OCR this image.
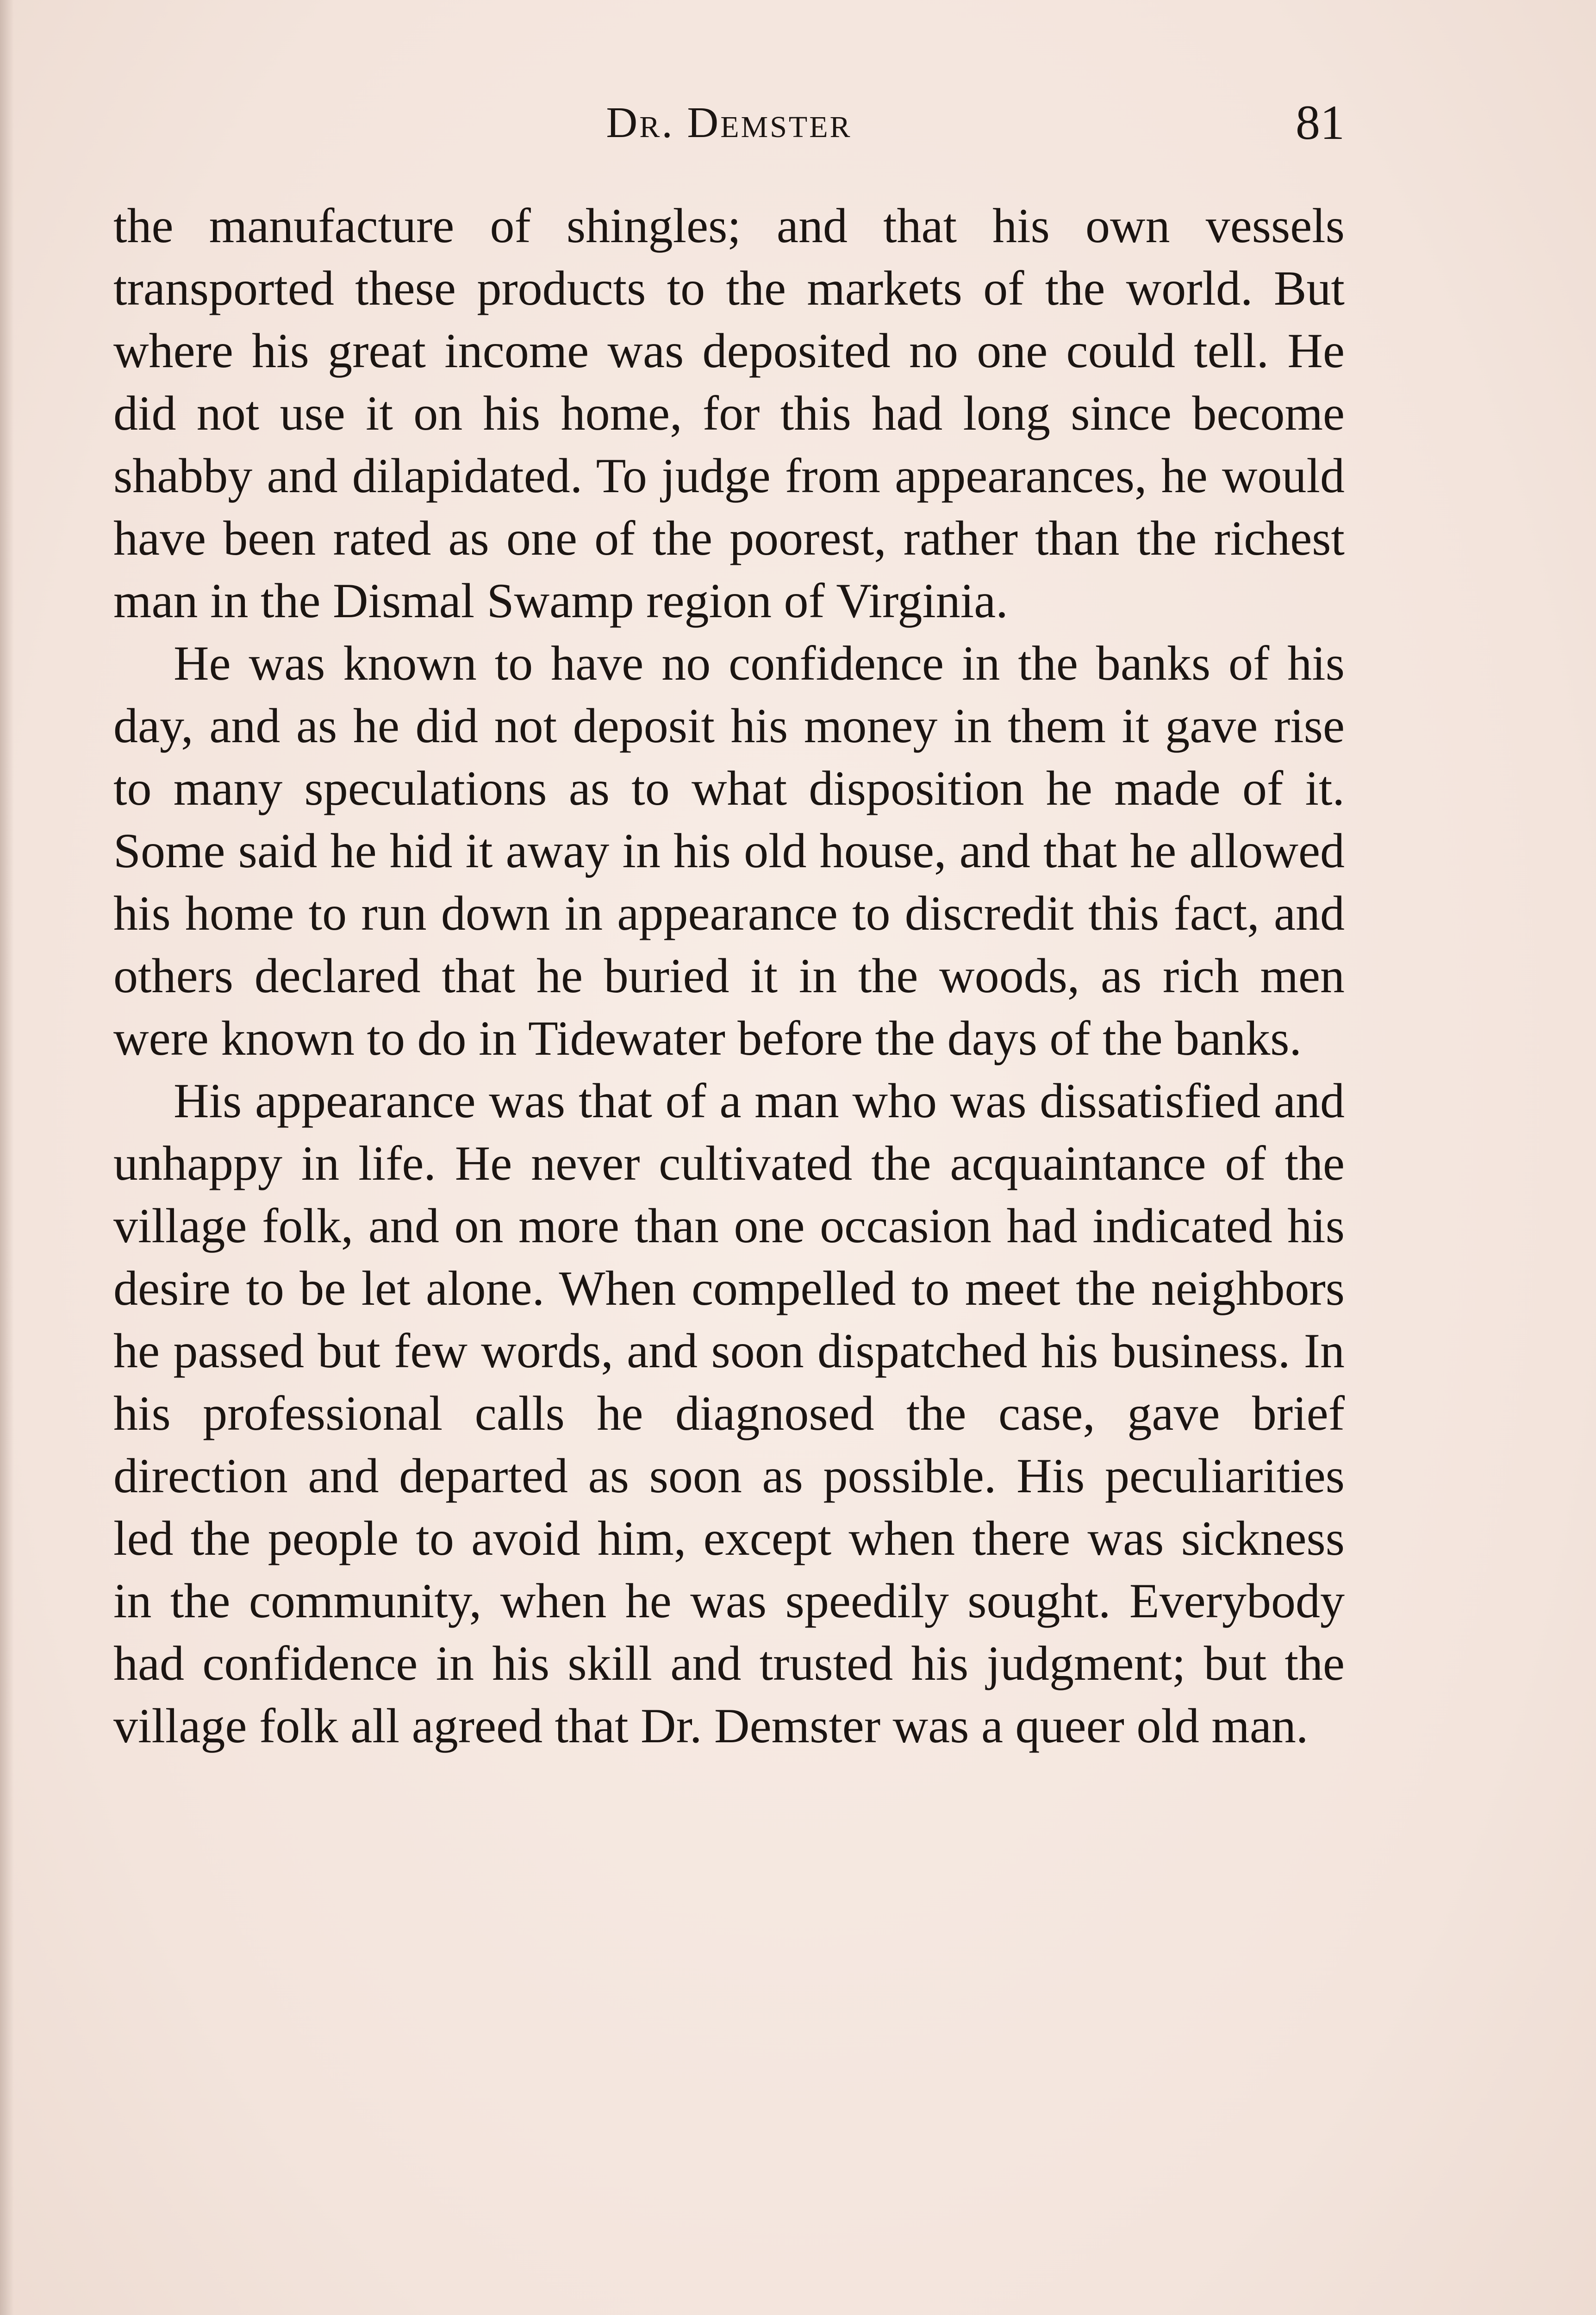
Dr. Demster	81

the manufacture of shingles; and that his own vessels transported these products to the markets of the world. But where his great income was deposited no one could tell. He did not use it on his home, for this had long since become shabby and dilapidated. To judge from appearances, he would have been rated as one of the poorest, rather than the richest man in the Dismal Swamp region of Virginia.

He was known to have no confidence in the banks of his day, and as he did not deposit his money in them it gave rise to many speculations as to what disposition he made of it. Some said he hid it away in his old house, and that he allowed his home to run down in appearance to discredit this fact, and others declared that he buried it in the woods, as rich men were known to do in Tidewater before the days of the banks.

His appearance was that of a man who was dissatisfied and unhappy in life. He never cultivated the acquaintance of the village folk, and on more than one occasion had indicated his desire to be let alone. When compelled to meet the neighbors he passed but few words, and soon dispatched his business. In his professional calls he diagnosed the case, gave brief direction and departed as soon as possible. His peculiarities led the people to avoid him, except when there was sickness in the community, when he was speedily sought. Everybody had confidence in his skill and trusted his judgment; but the village folk all agreed that Dr. Demster was a queer old man.
